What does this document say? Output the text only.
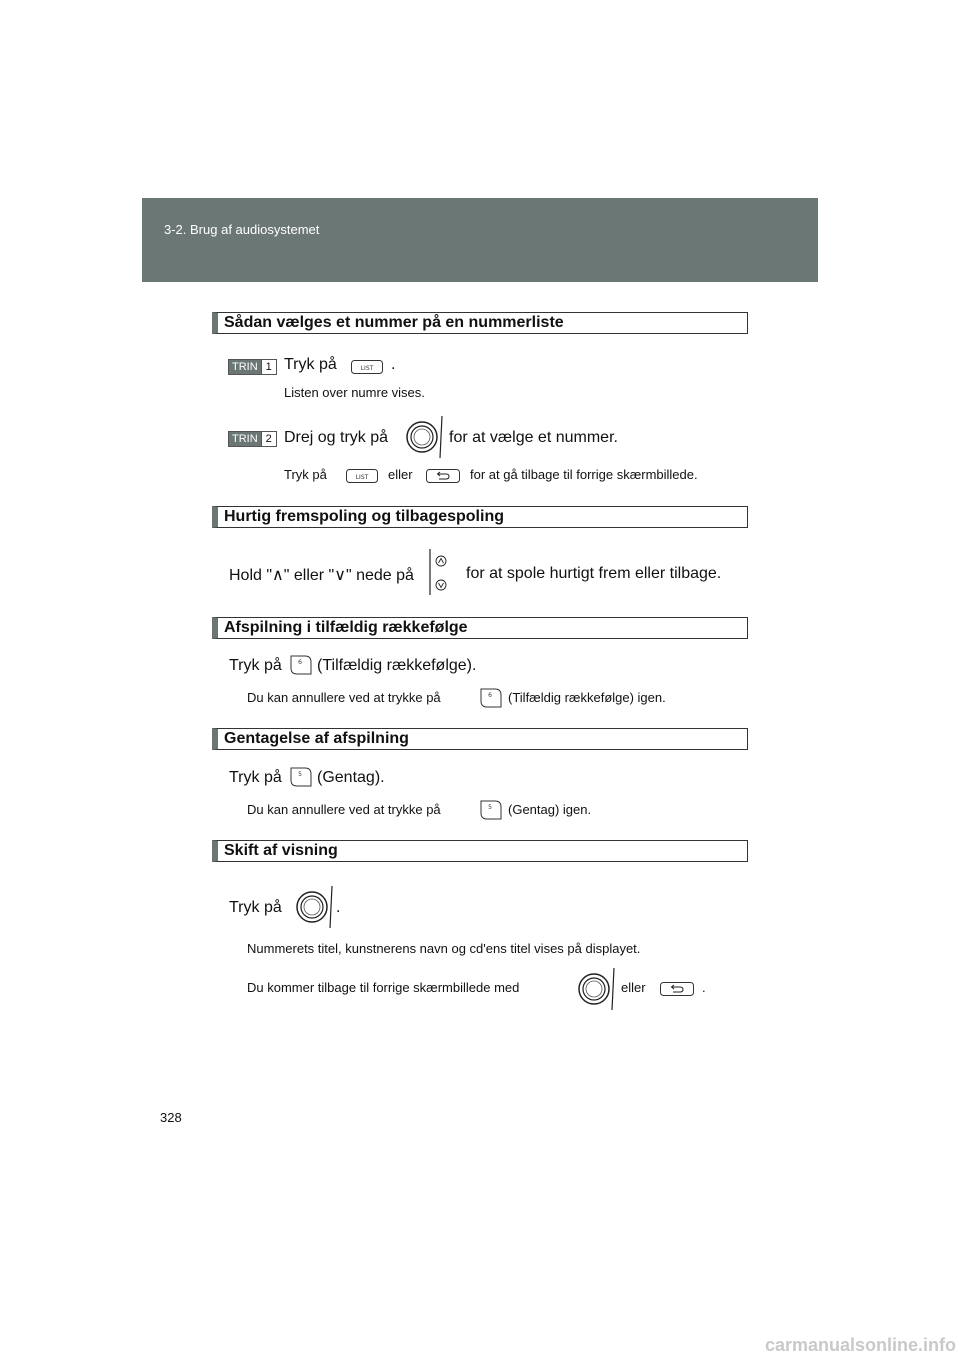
3-2. Brug af audiosystemet
Sådan vælges et nummer på en nummerliste
TRIN 1 Tryk på	LIST .
Listen over numre vises.
TRIN 2 Drej og tryk på	for at vælge et nummer.
Tryk på	LIST eller	for at gå tilbage til forrige skærmbillede.
Hurtig fremspoling og tilbagespoling
Hold "∧" eller "∨" nede på	for at spole hurtigt frem eller tilbage.
Afspilning i tilfældig rækkefølge
Tryk på	6 (Tilfældig rækkefølge).
Du kan annullere ved at trykke på	6 (Tilfældig rækkefølge) igen.
Gentagelse af afspilning
Tryk på	5 (Gentag).
Du kan annullere ved at trykke på	5 (Gentag) igen.
Skift af visning
Tryk på	.
Nummerets titel, kunstnerens navn og cd'ens titel vises på displayet.
Du kommer tilbage til forrige skærmbillede med	eller	.
328
carmanualsonline.info
